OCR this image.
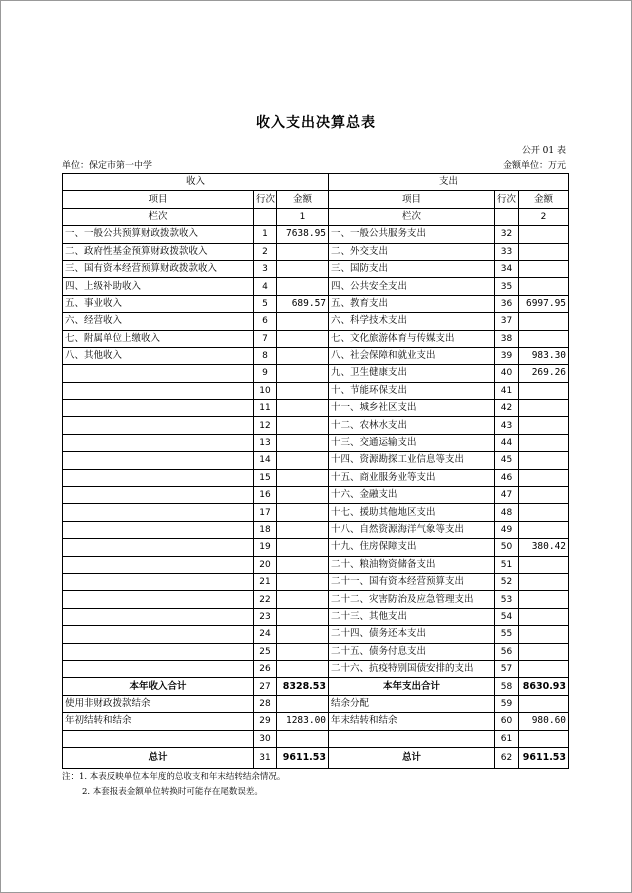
收入支出决算总表
公开 01 表
单位：保定市第一中学	金额单位：万元
收入			支出		
项目	行次	金额	项目	行次	金额
栏次		1	栏次		2
一、一般公共预算财政拨款收入	1	7638.95	一、一般公共服务支出	32	
二、政府性基金预算财政拨款收入	2		二、外交支出	33	
三、国有资本经营预算财政拨款收入	3		三、国防支出	34	
四、上级补助收入	4		四、公共安全支出	35	
五、事业收入	5	689.57	五、教育支出	36	6997.95
六、经营收入	6		六、科学技术支出	37	
七、附属单位上缴收入	7		七、文化旅游体育与传媒支出	38	
八、其他收入	8		八、社会保障和就业支出	39	983.30
	9		九、卫生健康支出	40	269.26
	10		十、节能环保支出	41	
	11		十一、城乡社区支出	42	
	12		十二、农林水支出	43	
	13		十三、交通运输支出	44	
	14		十四、资源勘探工业信息等支出	45	
	15		十五、商业服务业等支出	46	
	16		十六、金融支出	47	
	17		十七、援助其他地区支出	48	
	18		十八、自然资源海洋气象等支出	49	
	19		十九、住房保障支出	50	380.42
	20		二十、粮油物资储备支出	51	
	21		二十一、国有资本经营预算支出	52	
	22		二十二、灾害防治及应急管理支出	53	
	23		二十三、其他支出	54	
	24		二十四、债务还本支出	55	
	25		二十五、债务付息支出	56	
	26		二十六、抗疫特别国债安排的支出	57	
本年收入合计	27	8328.53	本年支出合计	58	8630.93
使用非财政拨款结余	28		结余分配	59	
年初结转和结余	29	1283.00	年末结转和结余	60	980.60
	30			61	
总计	31	9611.53	总计	62	9611.53
注：1. 本表反映单位本年度的总收支和年末结转结余情况。
2. 本套报表金额单位转换时可能存在尾数误差。
